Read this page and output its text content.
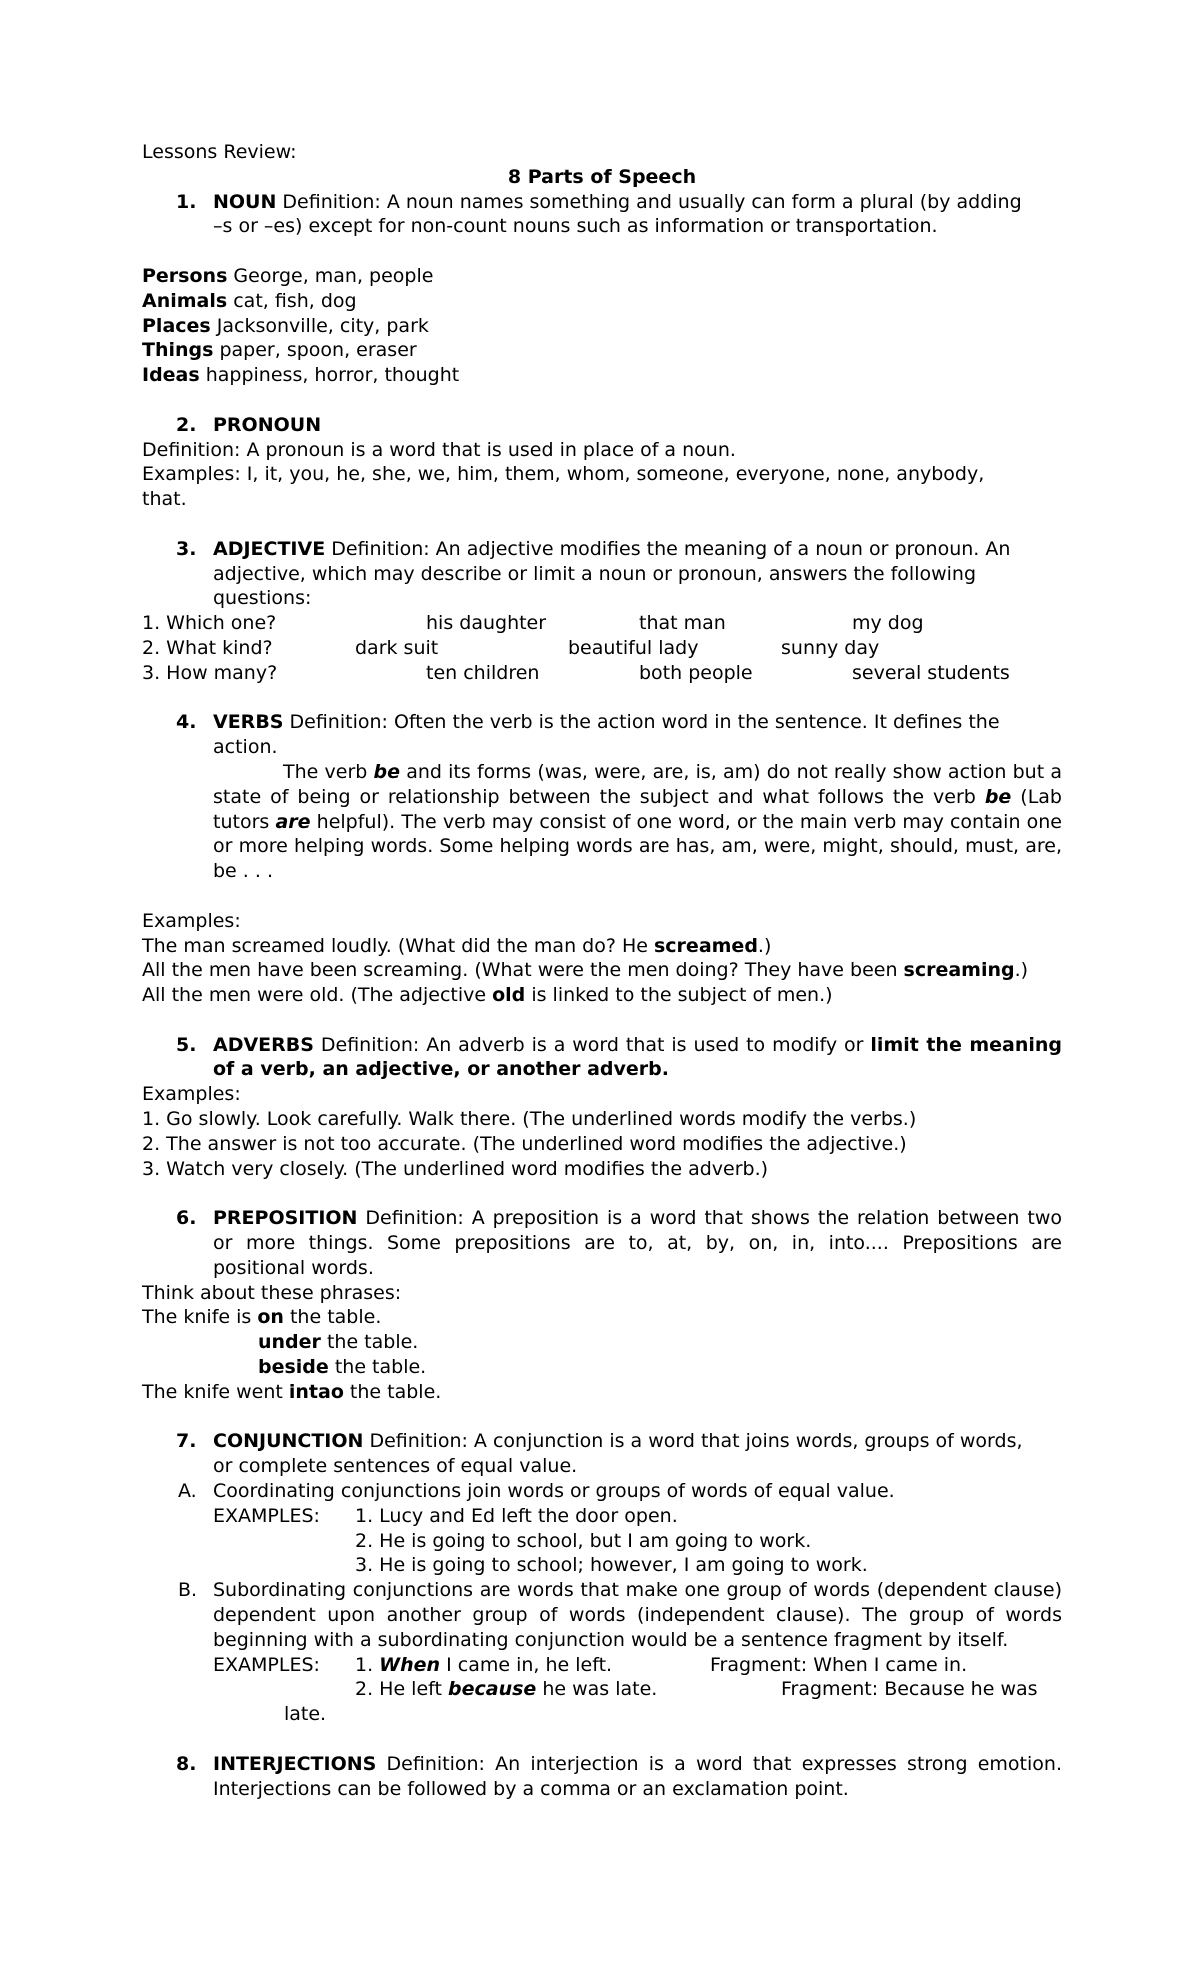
Lessons Review:
8 Parts of Speech
1. NOUN Definition: A noun names something and usually can form a plural (by adding
–s or –es) except for non-count nouns such as information or transportation.
Persons George, man, people
Animals cat, fish, dog
Places Jacksonville, city, park
Things paper, spoon, eraser
Ideas happiness, horror, thought
2. PRONOUN
Definition: A pronoun is a word that is used in place of a noun.
Examples: I, it, you, he, she, we, him, them, whom, someone, everyone, none, anybody,
that.
3. ADJECTIVE Definition: An adjective modifies the meaning of a noun or pronoun. An
adjective, which may describe or limit a noun or pronoun, answers the following
questions:
1. Which one?	his daughter	that man	my dog
2. What kind?	dark suit	beautiful lady	sunny day
3. How many?	ten children	both people	several students
4. VERBS Definition: Often the verb is the action word in the sentence. It defines the
action.
The verb be and its forms (was, were, are, is, am) do not really show action but a state of being or relationship between the subject and what follows the verb be (Lab tutors are helpful). The verb may consist of one word, or the main verb may contain one or more helping words. Some helping words are has, am, were, might, should, must, are, be . . .
Examples:
The man screamed loudly. (What did the man do? He screamed.)
All the men have been screaming. (What were the men doing? They have been screaming.)
All the men were old. (The adjective old is linked to the subject of men.)
5. ADVERBS Definition: An adverb is a word that is used to modify or limit the meaning of a verb, an adjective, or another adverb.
Examples:
1. Go slowly. Look carefully. Walk there. (The underlined words modify the verbs.)
2. The answer is not too accurate. (The underlined word modifies the adjective.)
3. Watch very closely. (The underlined word modifies the adverb.)
6. PREPOSITION Definition: A preposition is a word that shows the relation between two or more things. Some prepositions are to, at, by, on, in, into.... Prepositions are positional words.
Think about these phrases:
The knife is on the table.
under the table.
beside the table.
The knife went intao the table.
7. CONJUNCTION Definition: A conjunction is a word that joins words, groups of words,
or complete sentences of equal value.
A. Coordinating conjunctions join words or groups of words of equal value.
EXAMPLES: 1. Lucy and Ed left the door open.
2. He is going to school, but I am going to work.
3. He is going to school; however, I am going to work.
B. Subordinating conjunctions are words that make one group of words (dependent clause) dependent upon another group of words (independent clause). The group of words beginning with a subordinating conjunction would be a sentence fragment by itself.
EXAMPLES: 1. When I came in, he left.	Fragment: When I came in.
2. He left because he was late.	Fragment: Because he was
late.
8. INTERJECTIONS Definition: An interjection is a word that expresses strong emotion. Interjections can be followed by a comma or an exclamation point.
